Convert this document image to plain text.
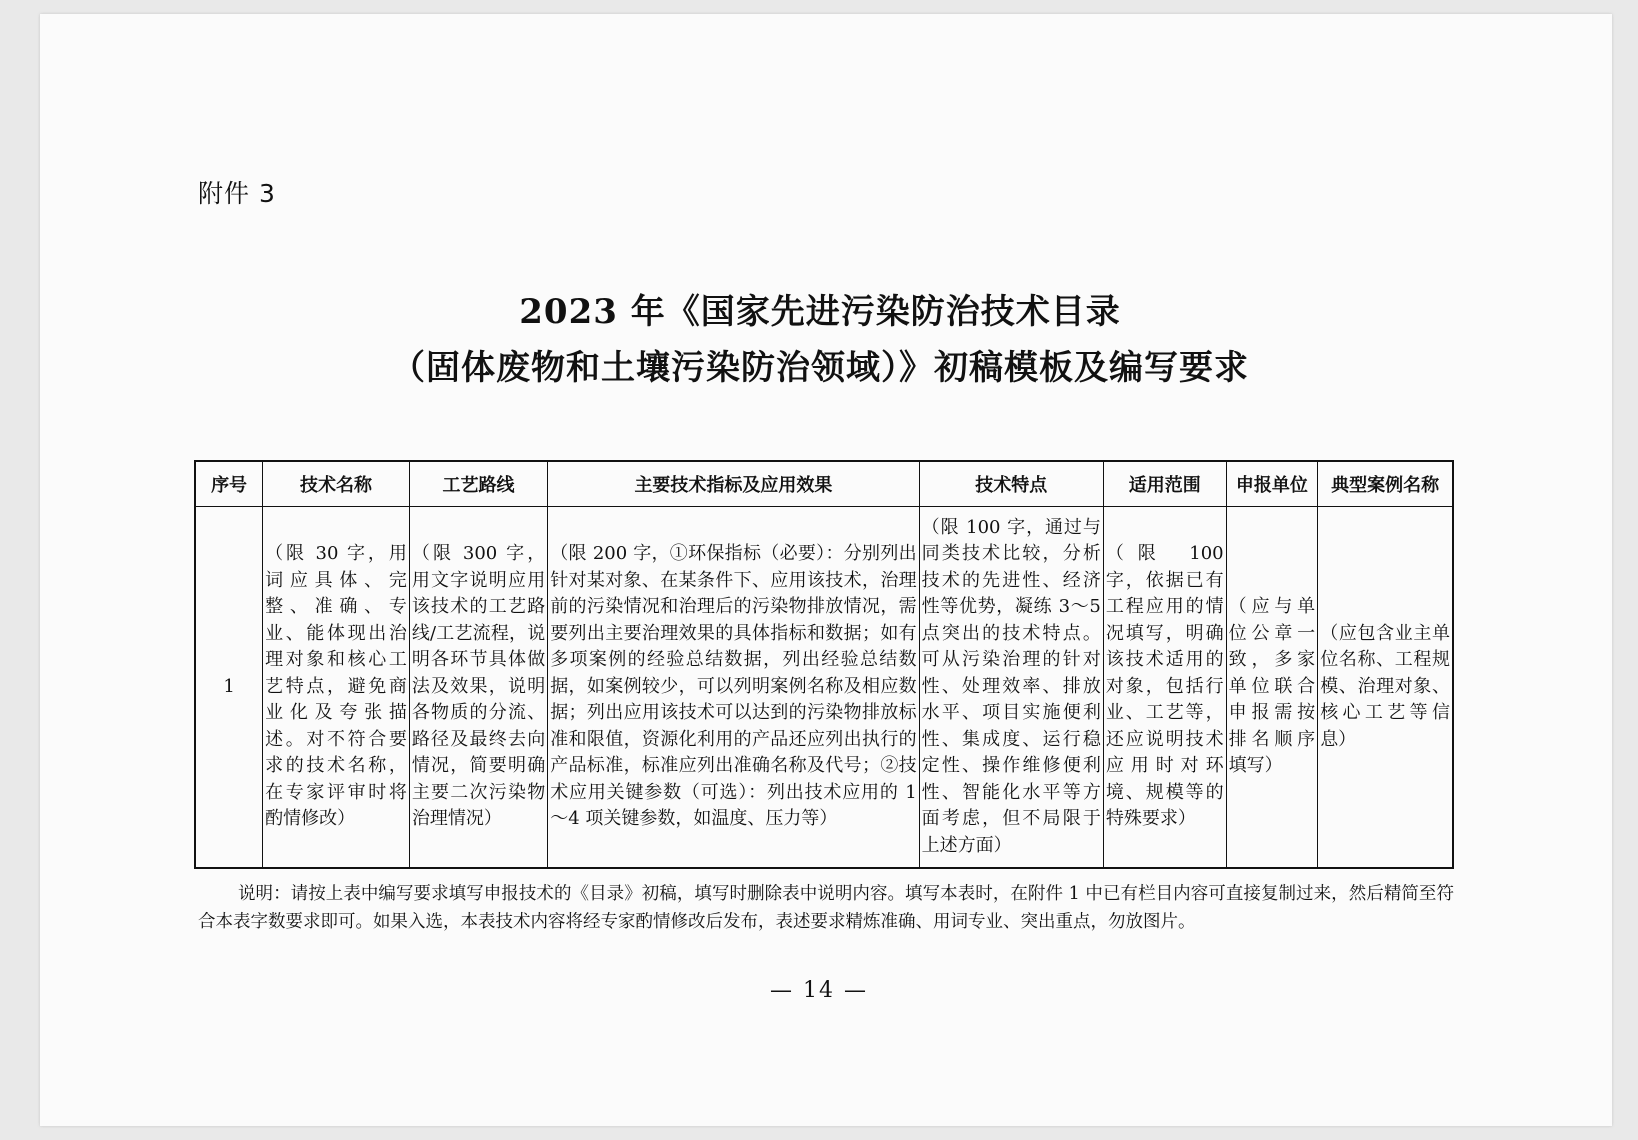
附件 3
2023 年《国家先进污染防治技术目录
（固体废物和土壤污染防治领域）》初稿模板及编写要求
序号	技术名称	工艺路线	主要技术指标及应用效果	技术特点	适用范围	申报单位	典型案例名称
1	（限 30 字，用词应具体、完整、准确、专业、能体现出治理对象和核心工艺特点，避免商业化及夸张描述。对不符合要求的技术名称，在专家评审时将酌情修改）	（限 300 字，用文字说明应用该技术的工艺路线/工艺流程，说明各环节具体做法及效果，说明各物质的分流、路径及最终去向情况，简要明确主要二次污染物治理情况）	（限 200 字，①环保指标（必要）：分别列出针对某对象、在某条件下、应用该技术，治理前的污染情况和治理后的污染物排放情况，需要列出主要治理效果的具体指标和数据；如有多项案例的经验总结数据，列出经验总结数据，如案例较少，可以列明案例名称及相应数据；列出应用该技术可以达到的污染物排放标准和限值，资源化利用的产品还应列出执行的产品标准，标准应列出准确名称及代号；②技术应用关键参数（可选）：列出技术应用的 1～4 项关键参数，如温度、压力等）	（限 100 字，通过与同类技术比较，分析技术的先进性、经济性等优势，凝练 3～5 点突出的技术特点。可从污染治理的针对性、处理效率、排放水平、项目实施便利性、集成度、运行稳定性、操作维修便利性、智能化水平等方面考虑，但不局限于上述方面）	（限 100 字，依据已有工程应用的情况填写，明确该技术适用的对象，包括行业、工艺等，还应说明技术应用时对环境、规模等的特殊要求）	（应与单位公章一致，多家单位联合申报需按排名顺序填写）	（应包含业主单位名称、工程规模、治理对象、核心工艺等信息）
说明：请按上表中编写要求填写申报技术的《目录》初稿，填写时删除表中说明内容。填写本表时，在附件 1 中已有栏目内容可直接复制过来，然后精简至符合本表字数要求即可。如果入选，本表技术内容将经专家酌情修改后发布，表述要求精炼准确、用词专业、突出重点，勿放图片。
— 14 —
